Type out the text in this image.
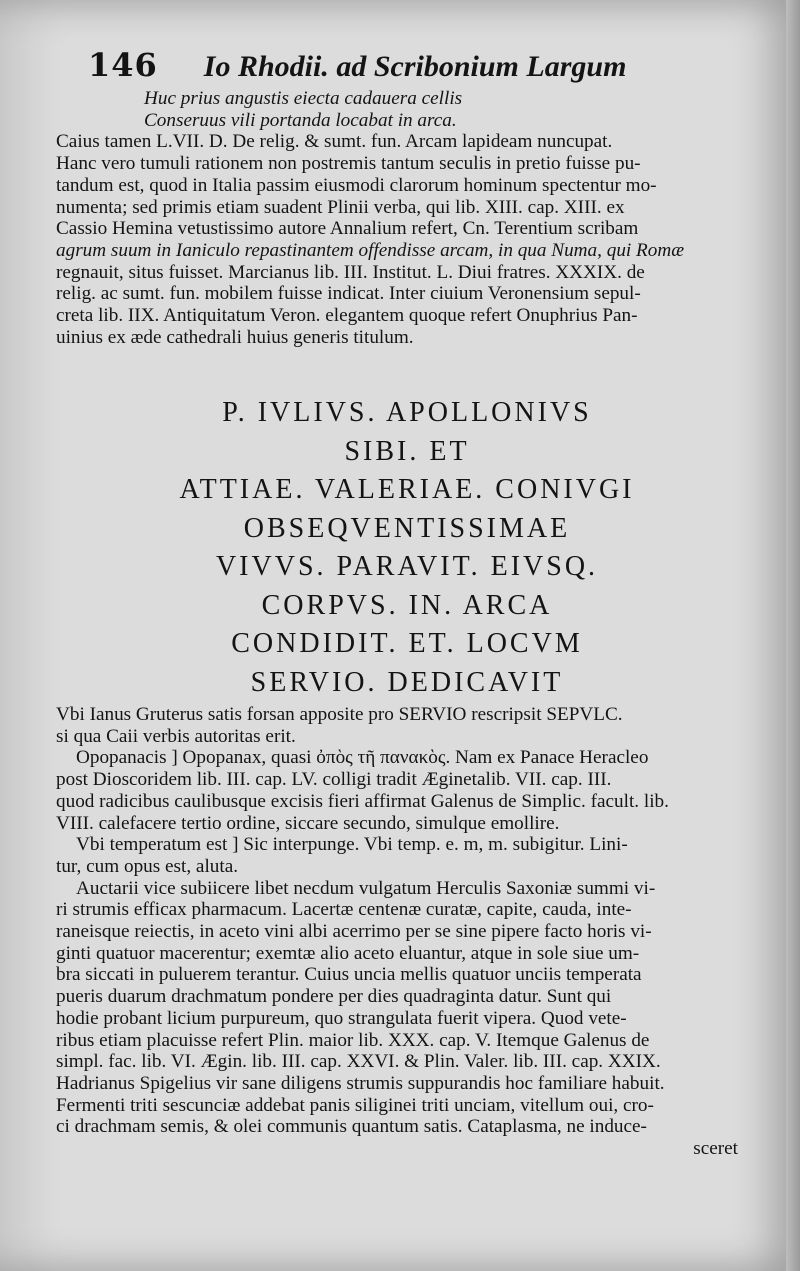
146 Io Rhodii. ad Scribonium Largum
Huc prius angustis eiecta cadauera cellis
Conseruus vili portanda locabat in arca.
Caius tamen L.VII. D. De relig. & sumt. fun. Arcam lapideam nuncupat.
Hanc vero tumuli rationem non postremis tantum seculis in pretio fuisse pu-
tandum est, quod in Italia passim eiusmodi clarorum hominum spectentur mo-
numenta; sed primis etiam suadent Plinii verba, qui lib. XIII. cap. XIII. ex
Cassio Hemina vetustissimo autore Annalium refert, Cn. Terentium scribam
agrum suum in Ianiculo repastinantem offendisse arcam, in qua Numa, qui Romæ
regnauit, situs fuisset. Marcianus lib. III. Institut. L. Diui fratres. XXXIX. de
relig. ac sumt. fun. mobilem fuisse indicat. Inter ciuium Veronensium sepul-
creta lib. IIX. Antiquitatum Veron. elegantem quoque refert Onuphrius Pan-
uinius ex æde cathedrali huius generis titulum.
P. IVLIVS. APOLLONIVS
SIBI. ET
ATTIAE. VALERIAE. CONIVGI
OBSEQVENTISSIMAE
VIVVS. PARAVIT. EIVSQ.
CORPVS. IN. ARCA
CONDIDIT. ET. LOCVM
SERVIO. DEDICAVIT
Vbi Ianus Gruterus satis forsan apposite pro SERVIO rescripsit SEPVLC.
si qua Caii verbis autoritas erit.
Opopanacis ] Opopanax, quasi ὀπὸς τῆ πανακὸς. Nam ex Panace Heracleo
post Dioscoridem lib. III. cap. LV. colligi tradit Æginetalib. VII. cap. III.
quod radicibus caulibusque excisis fieri affirmat Galenus de Simplic. facult. lib.
VIII. calefacere tertio ordine, siccare secundo, simulque emollire.
Vbi temperatum est ] Sic interpunge. Vbi temp. e. m, m. subigitur. Lini-
tur, cum opus est, aluta.
Auctarii vice subiicere libet necdum vulgatum Herculis Saxoniæ summi vi-
ri strumis efficax pharmacum. Lacertæ centenæ curatæ, capite, cauda, inte-
raneisque reiectis, in aceto vini albi acerrimo per se sine pipere facto horis vi-
ginti quatuor macerentur; exemtæ alio aceto eluantur, atque in sole siue um-
bra siccati in puluerem terantur. Cuius uncia mellis quatuor unciis temperata
pueris duarum drachmatum pondere per dies quadraginta datur. Sunt qui
hodie probant licium purpureum, quo strangulata fuerit vipera. Quod vete-
ribus etiam placuisse refert Plin. maior lib. XXX. cap. V. Itemque Galenus de
simpl. fac. lib. VI. Ægin. lib. III. cap. XXVI. & Plin. Valer. lib. III. cap. XXIX.
Hadrianus Spigelius vir sane diligens strumis suppurandis hoc familiare habuit.
Fermenti triti sescunciæ addebat panis siliginei triti unciam, vitellum oui, cro-
ci drachmam semis, & olei communis quantum satis. Cataplasma, ne induce-
sceret
